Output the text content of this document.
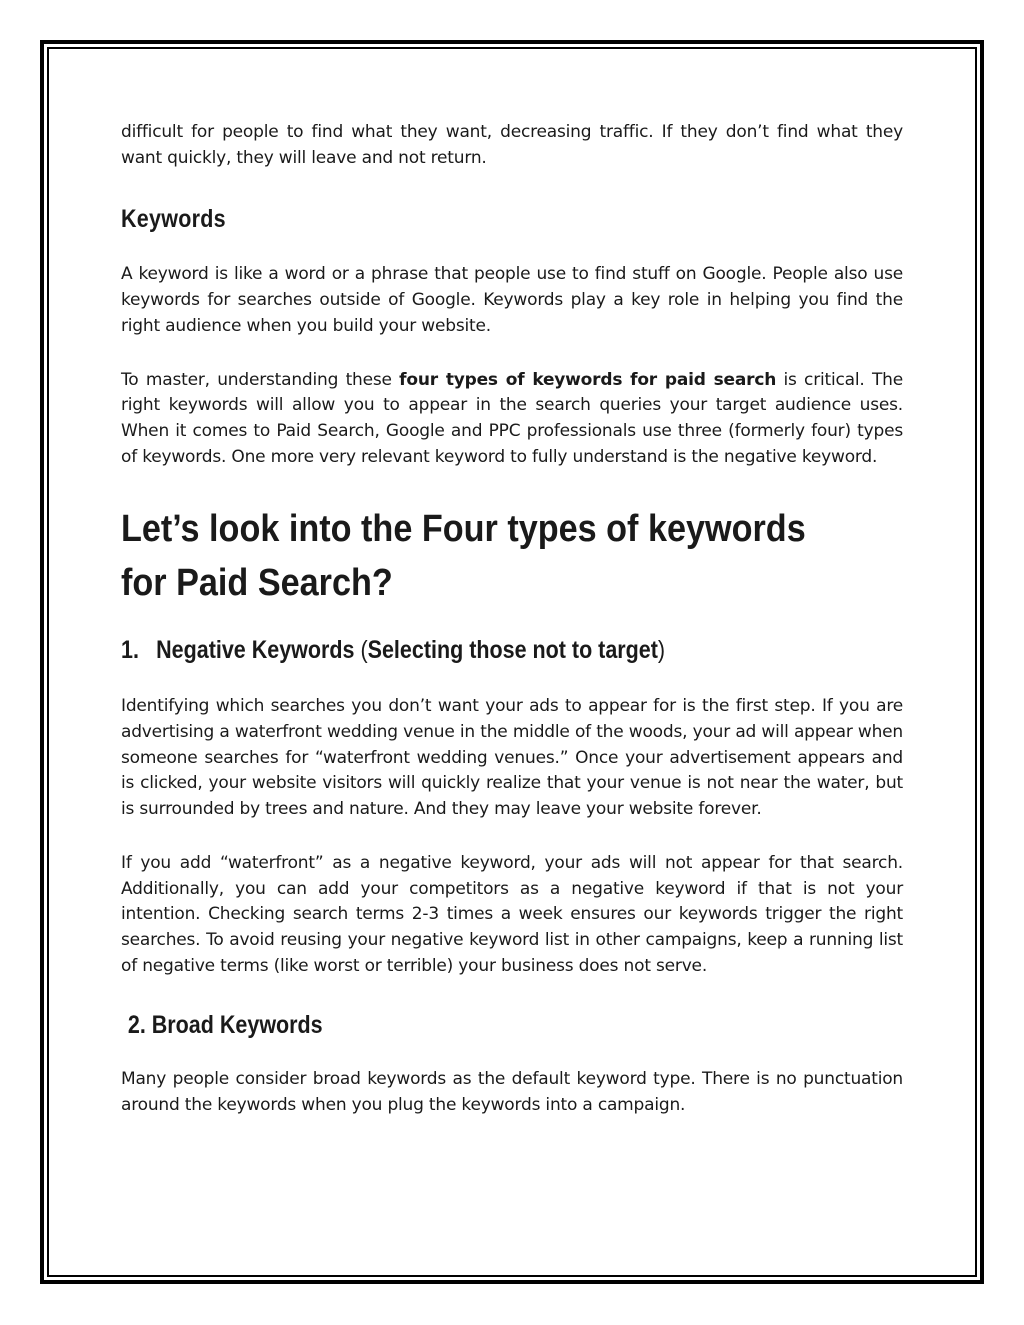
difficult for people to find what they want, decreasing traffic. If they don’t find what they want quickly, they will leave and not return.

Keywords

A keyword is like a word or a phrase that people use to find stuff on Google. People also use keywords for searches outside of Google. Keywords play a key role in helping you find the right audience when you build your website.

To master, understanding these four types of keywords for paid search is critical. The right keywords will allow you to appear in the search queries your target audience uses. When it comes to Paid Search, Google and PPC professionals use three (formerly four) types of keywords. One more very relevant keyword to fully understand is the negative keyword.

Let’s look into the Four types of keywords
for Paid Search?
1. Negative Keywords (Selecting those not to target)

Identifying which searches you don’t want your ads to appear for is the first step. If you are advertising a waterfront wedding venue in the middle of the woods, your ad will appear when someone searches for “waterfront wedding venues.” Once your advertisement appears and is clicked, your website visitors will quickly realize that your venue is not near the water, but is surrounded by trees and nature. And they may leave your website forever.

If you add “waterfront” as a negative keyword, your ads will not appear for that search. Additionally, you can add your competitors as a negative keyword if that is not your intention. Checking search terms 2-3 times a week ensures our keywords trigger the right searches. To avoid reusing your negative keyword list in other campaigns, keep a running list of negative terms (like worst or terrible) your business does not serve.

2. Broad Keywords

Many people consider broad keywords as the default keyword type. There is no punctuation around the keywords when you plug the keywords into a campaign.
